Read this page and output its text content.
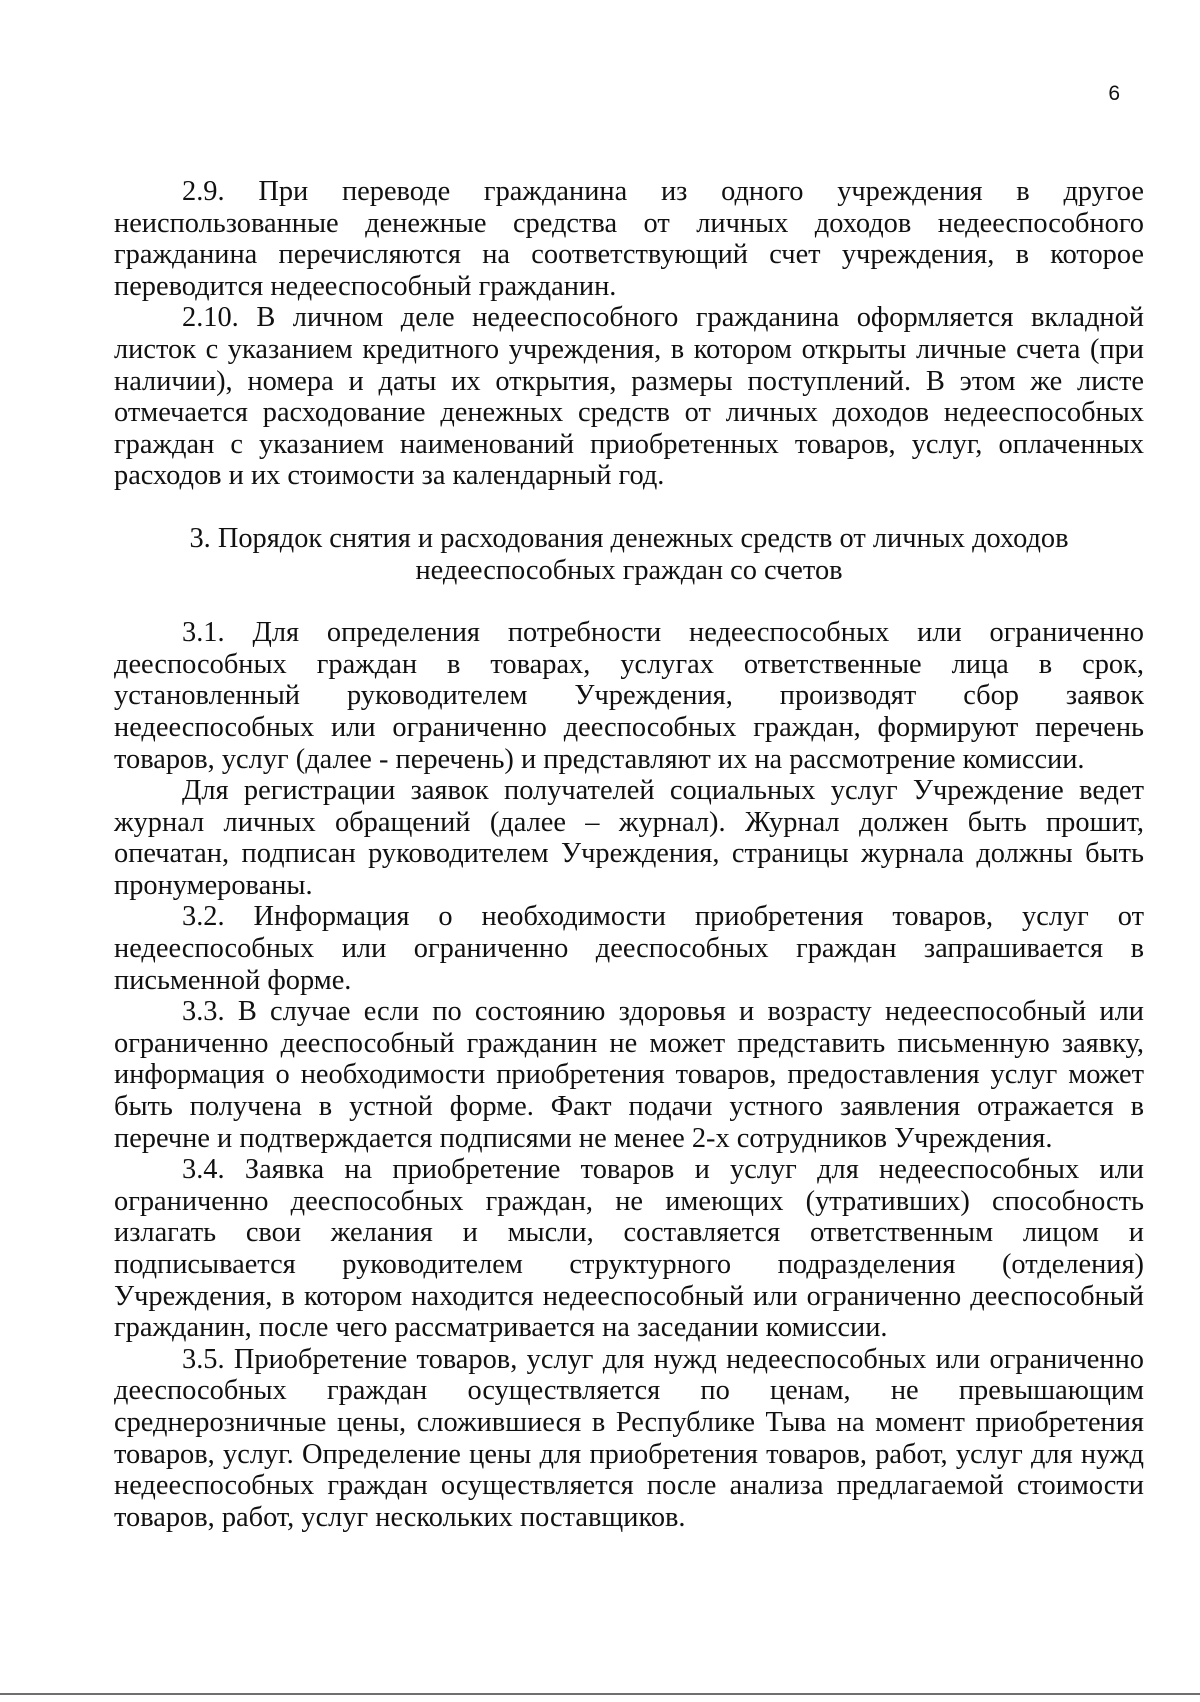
6

2.9. При переводе гражданина из одного учреждения в другое неиспользованные денежные средства от личных доходов недееспособного гражданина перечисляются на соответствующий счет учреждения, в которое переводится недееспособный гражданин.

2.10. В личном деле недееспособного гражданина оформляется вкладной листок с указанием кредитного учреждения, в котором открыты личные счета (при наличии), номера и даты их открытия, размеры поступлений. В этом же листе отмечается расходование денежных средств от личных доходов недееспособных граждан с указанием наименований приобретенных товаров, услуг, оплаченных расходов и их стоимости за календарный год.

3. Порядок снятия и расходования денежных средств от личных доходов
недееспособных граждан со счетов

3.1. Для определения потребности недееспособных или ограниченно дееспособных граждан в товарах, услугах ответственные лица в срок, установленный руководителем Учреждения, производят сбор заявок недееспособных или ограниченно дееспособных граждан, формируют перечень товаров, услуг (далее - перечень) и представляют их на рассмотрение комиссии.

Для регистрации заявок получателей социальных услуг Учреждение ведет журнал личных обращений (далее – журнал). Журнал должен быть прошит, опечатан, подписан руководителем Учреждения, страницы журнала должны быть пронумерованы.

3.2. Информация о необходимости приобретения товаров, услуг от недееспособных или ограниченно дееспособных граждан запрашивается в письменной форме.

3.3. В случае если по состоянию здоровья и возрасту недееспособный или ограниченно дееспособный гражданин не может представить письменную заявку, информация о необходимости приобретения товаров, предоставления услуг может быть получена в устной форме. Факт подачи устного заявления отражается в перечне и подтверждается подписями не менее 2-х сотрудников Учреждения.

3.4. Заявка на приобретение товаров и услуг для недееспособных или ограниченно дееспособных граждан, не имеющих (утративших) способность излагать свои желания и мысли, составляется ответственным лицом и подписывается руководителем структурного подразделения (отделения) Учреждения, в котором находится недееспособный или ограниченно дееспособный гражданин, после чего рассматривается на заседании комиссии.

3.5. Приобретение товаров, услуг для нужд недееспособных или ограниченно дееспособных граждан осуществляется по ценам, не превышающим среднерозничные цены, сложившиеся в Республике Тыва на момент приобретения товаров, услуг. Определение цены для приобретения товаров, работ, услуг для нужд недееспособных граждан осуществляется после анализа предлагаемой стоимости товаров, работ, услуг нескольких поставщиков.
